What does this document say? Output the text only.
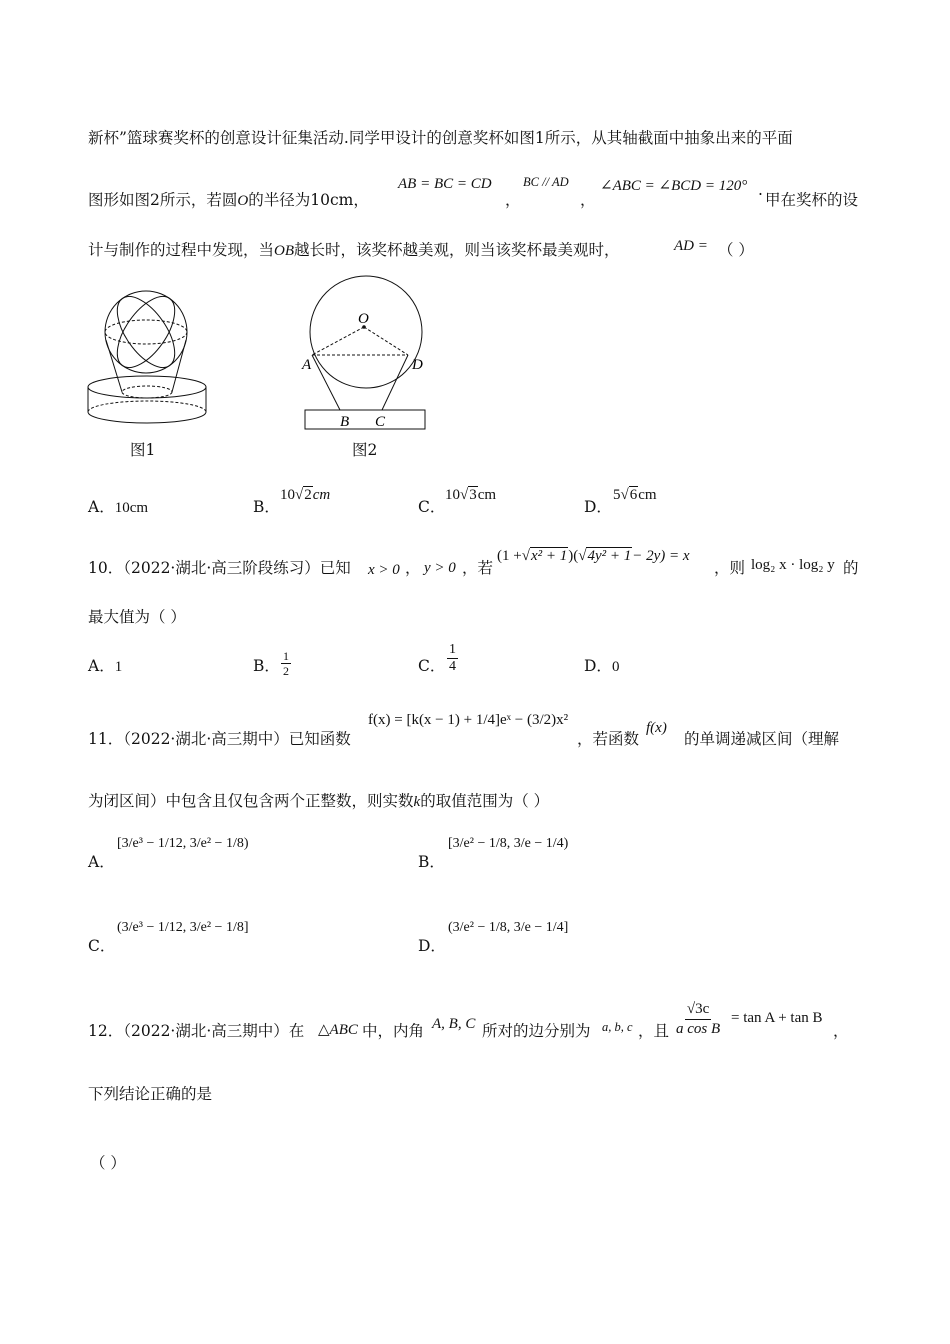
新杯”篮球赛奖杯的创意设计征集活动.同学甲设计的创意奖杯如图1所示，从其轴截面中抽象出来的平面
图形如图2所示，若圆O的半径为10cm，
AB = BC = CD
，
BC // AD
，
∠ABC = ∠BCD = 120° .
甲在奖杯的设
计与制作的过程中发现，当OB越长时，该奖杯越美观，则当该奖杯最美观时，	AD = （ ）
图1
O
A	D
B C
图2
A．10cm	B．
10√2cm
C．
10√3cm
D．
5√6cm
10．（2022·湖北·高三阶段练习）已知 x > 0 ， y > 0 ，若
(1 +√x² + 1)(√4y² + 1− 2y) = x
，则 log₂ x · log₂ y 的
最大值为（ ）
A．1	B． $\frac{1}{2}$	C． $\frac{1}{4}$	D．0
11．（2022·湖北·高三期中）已知函数
f(x) = [k(x − 1) + 1/4]eˣ − (3/2)x²
，若函数
f(x)
的单调递减区间（理解
为闭区间）中包含且仅包含两个正整数，则实数k的取值范围为（ ）
A．
[3/e³ − 1/12, 3/e² − 1/8)
B．
[3/e² − 1/8, 3/e − 1/4)
C．
(3/e³ − 1/12, 3/e² − 1/8]
D．
(3/e² − 1/8, 3/e − 1/4]
12．（2022·湖北·高三期中）在 △ABC 中，内角 A, B, C 所对的边分别为 a, b, c ，且 $\frac{√3c}{\text{a cos B}} = \tan A + \tan B$
，
下列结论正确的是
（ ）
